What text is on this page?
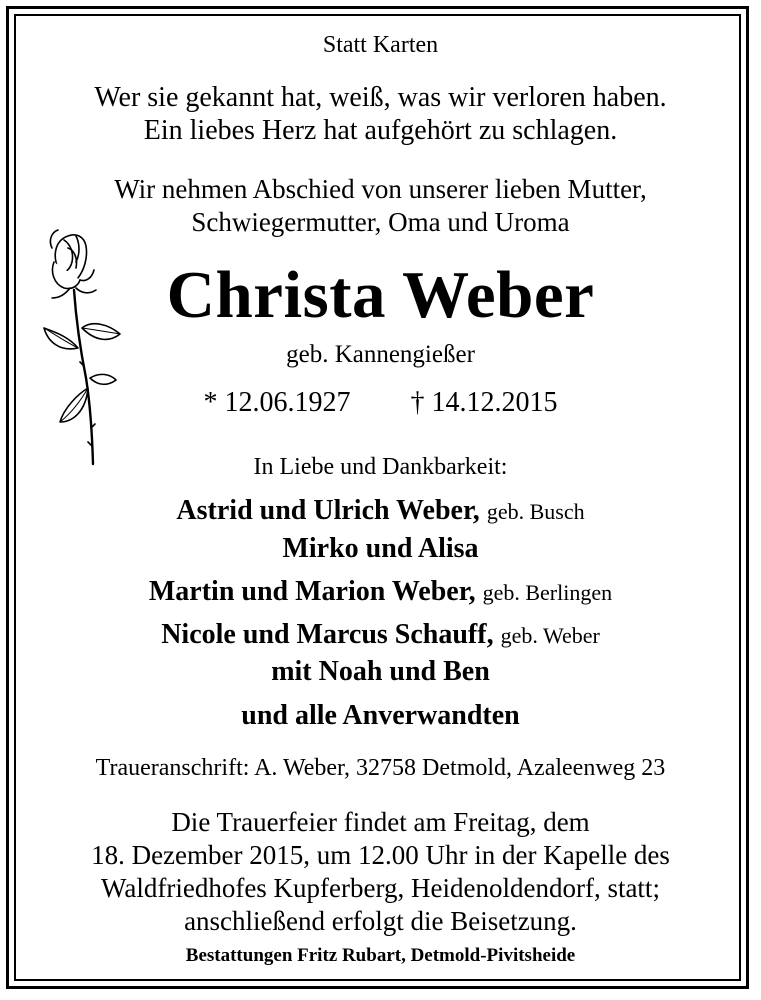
Statt Karten
Wer sie gekannt hat, weiß, was wir verloren haben.
Ein liebes Herz hat aufgehört zu schlagen.
Wir nehmen Abschied von unserer lieben Mutter,
Schwiegermutter, Oma und Uroma
Christa Weber
geb. Kannengießer
* 12.06.1927 † 14.12.2015
In Liebe und Dankbarkeit:
Astrid und Ulrich Weber, geb. Busch
Mirko und Alisa
Martin und Marion Weber, geb. Berlingen
Nicole und Marcus Schauff, geb. Weber
mit Noah und Ben
und alle Anverwandten
Traueranschrift: A. Weber, 32758 Detmold, Azaleenweg 23
Die Trauerfeier findet am Freitag, dem
18. Dezember 2015, um 12.00 Uhr in der Kapelle des
Waldfriedhofes Kupferberg, Heidenoldendorf, statt;
anschließend erfolgt die Beisetzung.
Bestattungen Fritz Rubart, Detmold-Pivitsheide
